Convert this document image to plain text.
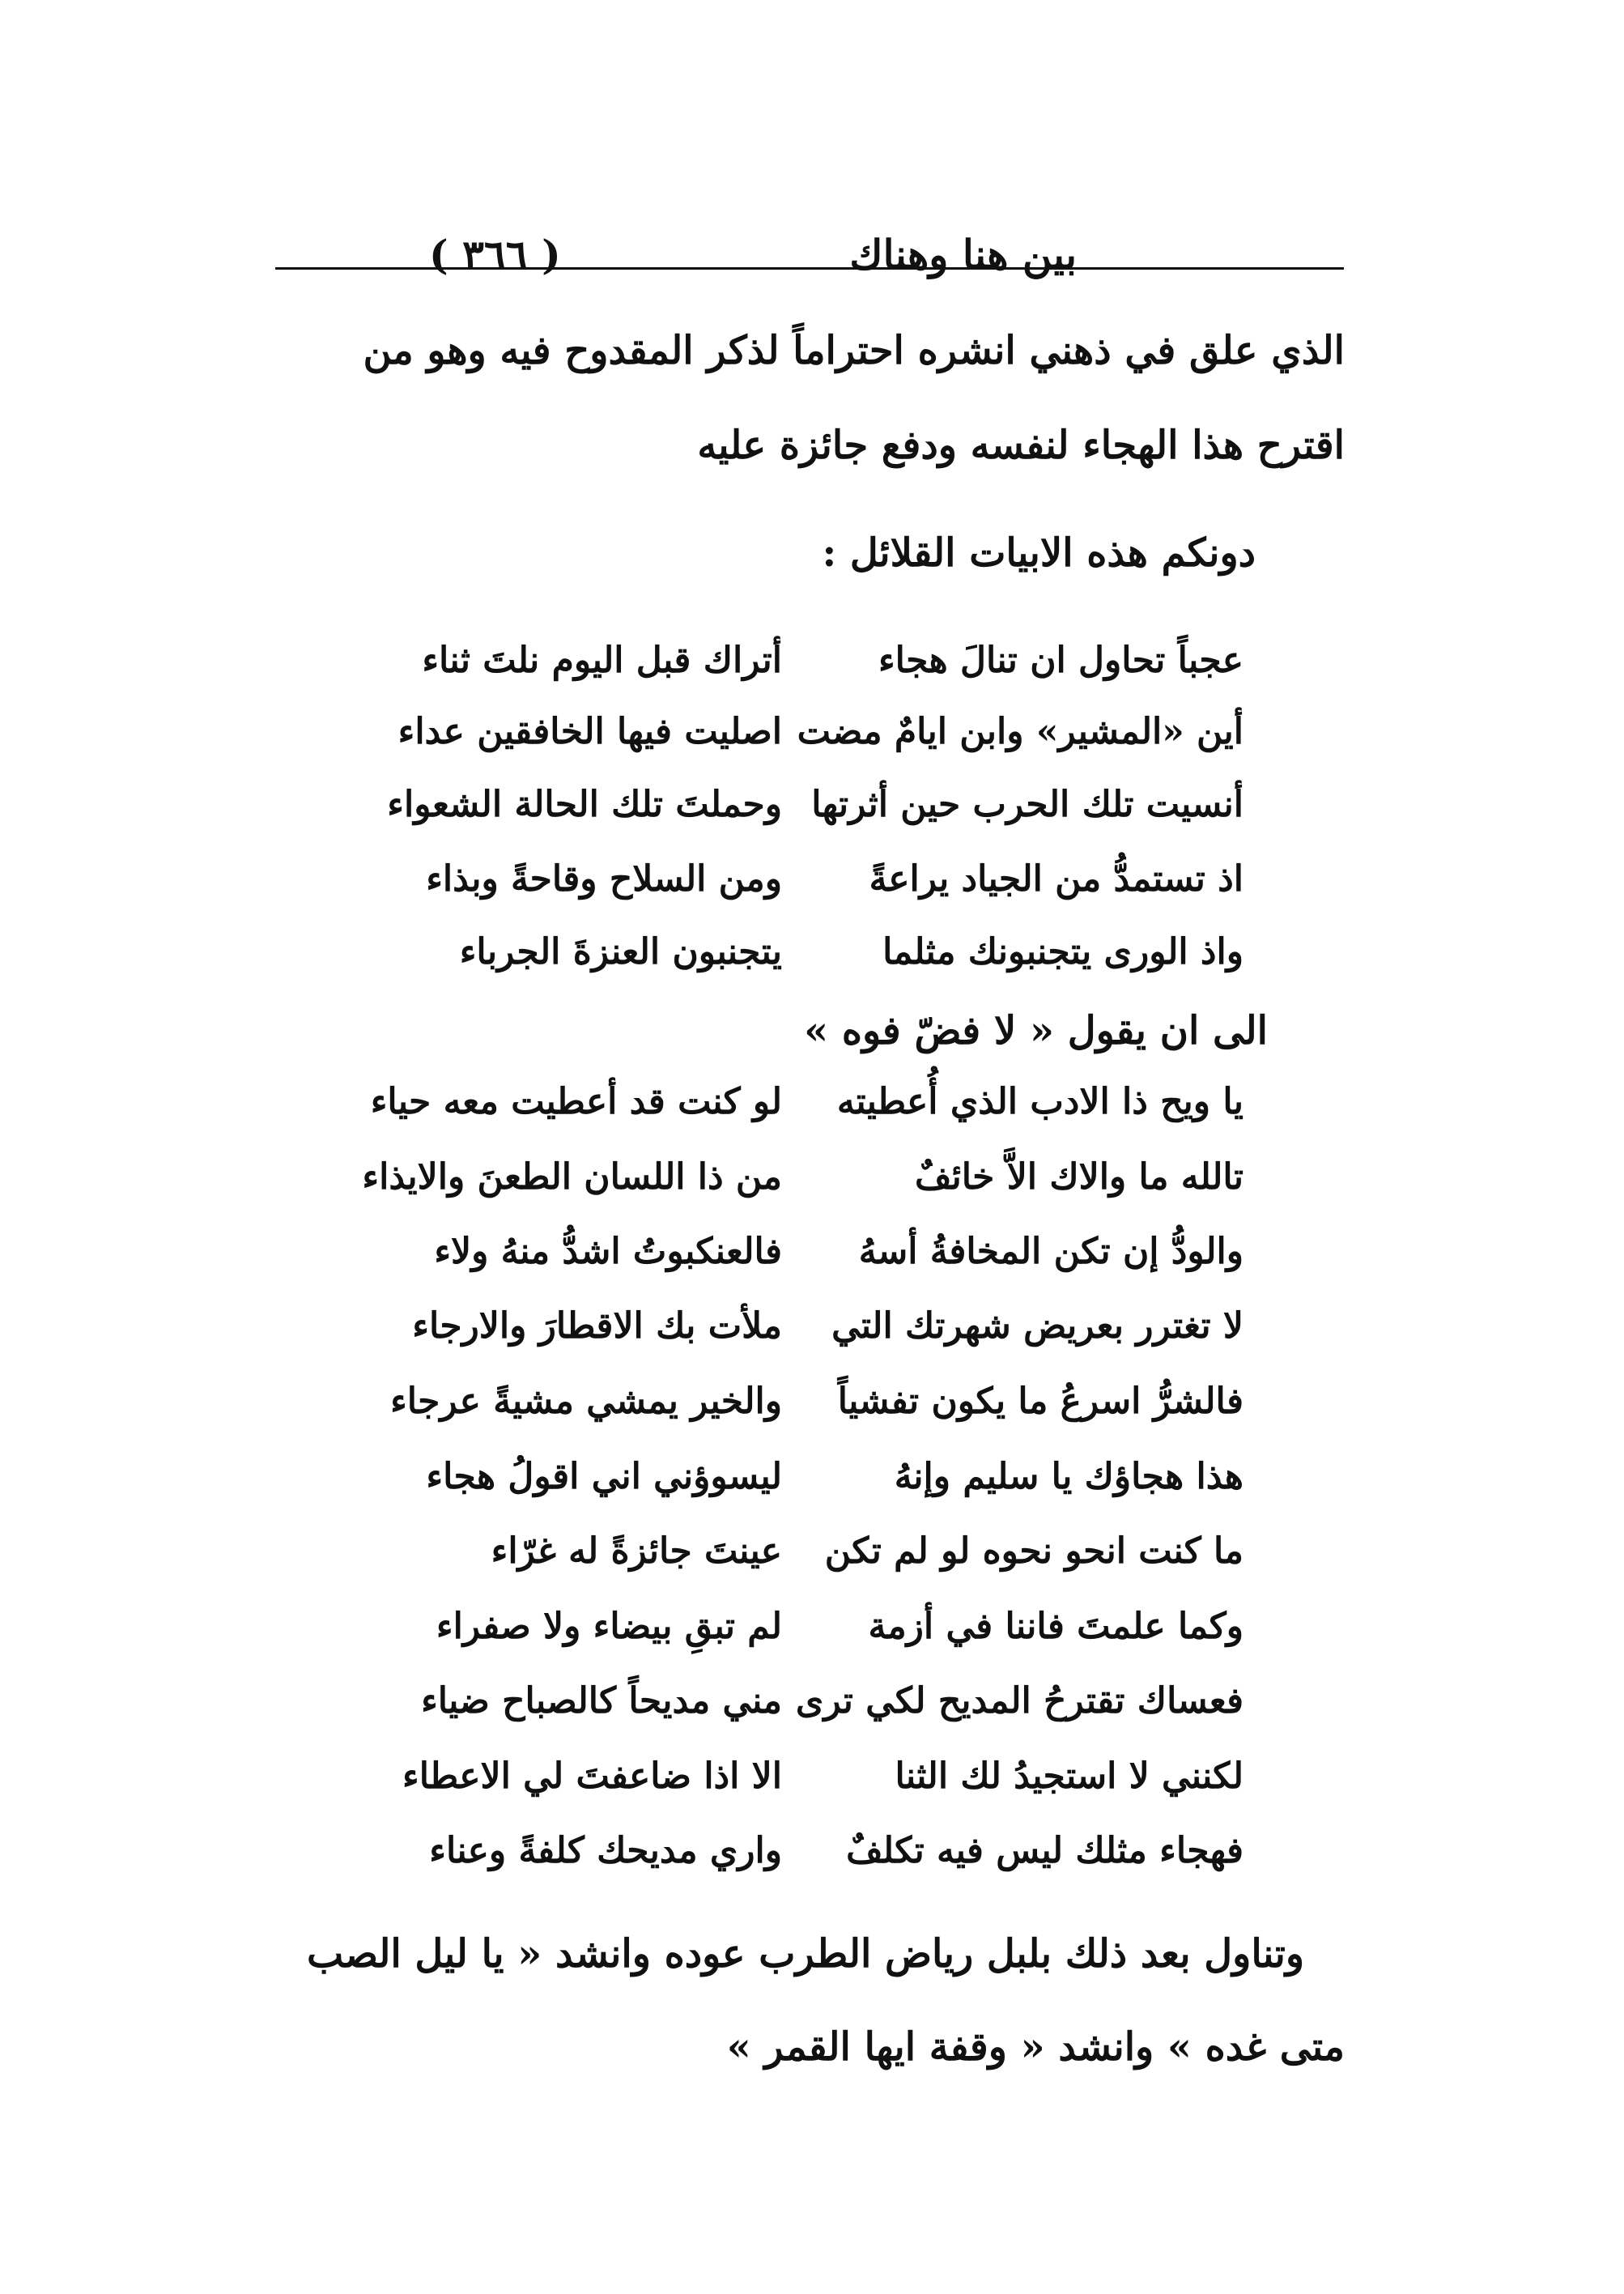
بين هنا وهناك
( ٣٦٦ )
الذي علق في ذهني انشره احتراماً لذكر المقدوح فيه وهو من
اقترح هذا الهجاء لنفسه ودفع جائزة عليه
دونكم هذه الابيات القلائل :
عجباً تحاول ان تنالَ هجاء
أتراك قبل اليوم نلتَ ثناء
أين «المشير» وابن ايامٌ مضت
اصليت فيها الخافقين عداء
أنسيت تلك الحرب حين أثرتها
وحملتَ تلك الحالة الشعواء
اذ تستمدُّ من الجياد يراعةً
ومن السلاح وقاحةً وبذاء
واذ الورى يتجنبونك مثلما
يتجنبون العنزةَ الجرباء
الى ان يقول « لا فضّ فوه »
يا ويح ذا الادب الذي أُعطيته
لو كنت قد أعطيت معه حياء
تالله ما والاك الاَّ خائفٌ
من ذا اللسان الطعنَ والايذاء
والودُّ إن تكن المخافةُ أسهُ
فالعنكبوتُ اشدُّ منهُ ولاء
لا تغترر بعريض شهرتك التي
ملأت بك الاقطارَ والارجاء
فالشرُّ اسرعُ ما يكون تفشياً
والخير يمشي مشيةً عرجاء
هذا هجاؤك يا سليم وإنهُ
ليسوؤني اني اقولُ هجاء
ما كنت انحو نحوه لو لم تكن
عينتَ جائزةً له غرّاء
وكما علمتَ فاننا في أزمة
لم تبقِ بيضاء ولا صفراء
فعساك تقترحُ المديح لكي ترى
مني مديحاً كالصباح ضياء
لكنني لا استجيدُ لك الثنا
الا اذا ضاعفتَ لي الاعطاء
فهجاء مثلك ليس فيه تكلفٌ
واري مديحك كلفةً وعناء
وتناول بعد ذلك بلبل رياض الطرب عوده وانشد « يا ليل الصب
متى غده » وانشد « وقفة ايها القمر »
